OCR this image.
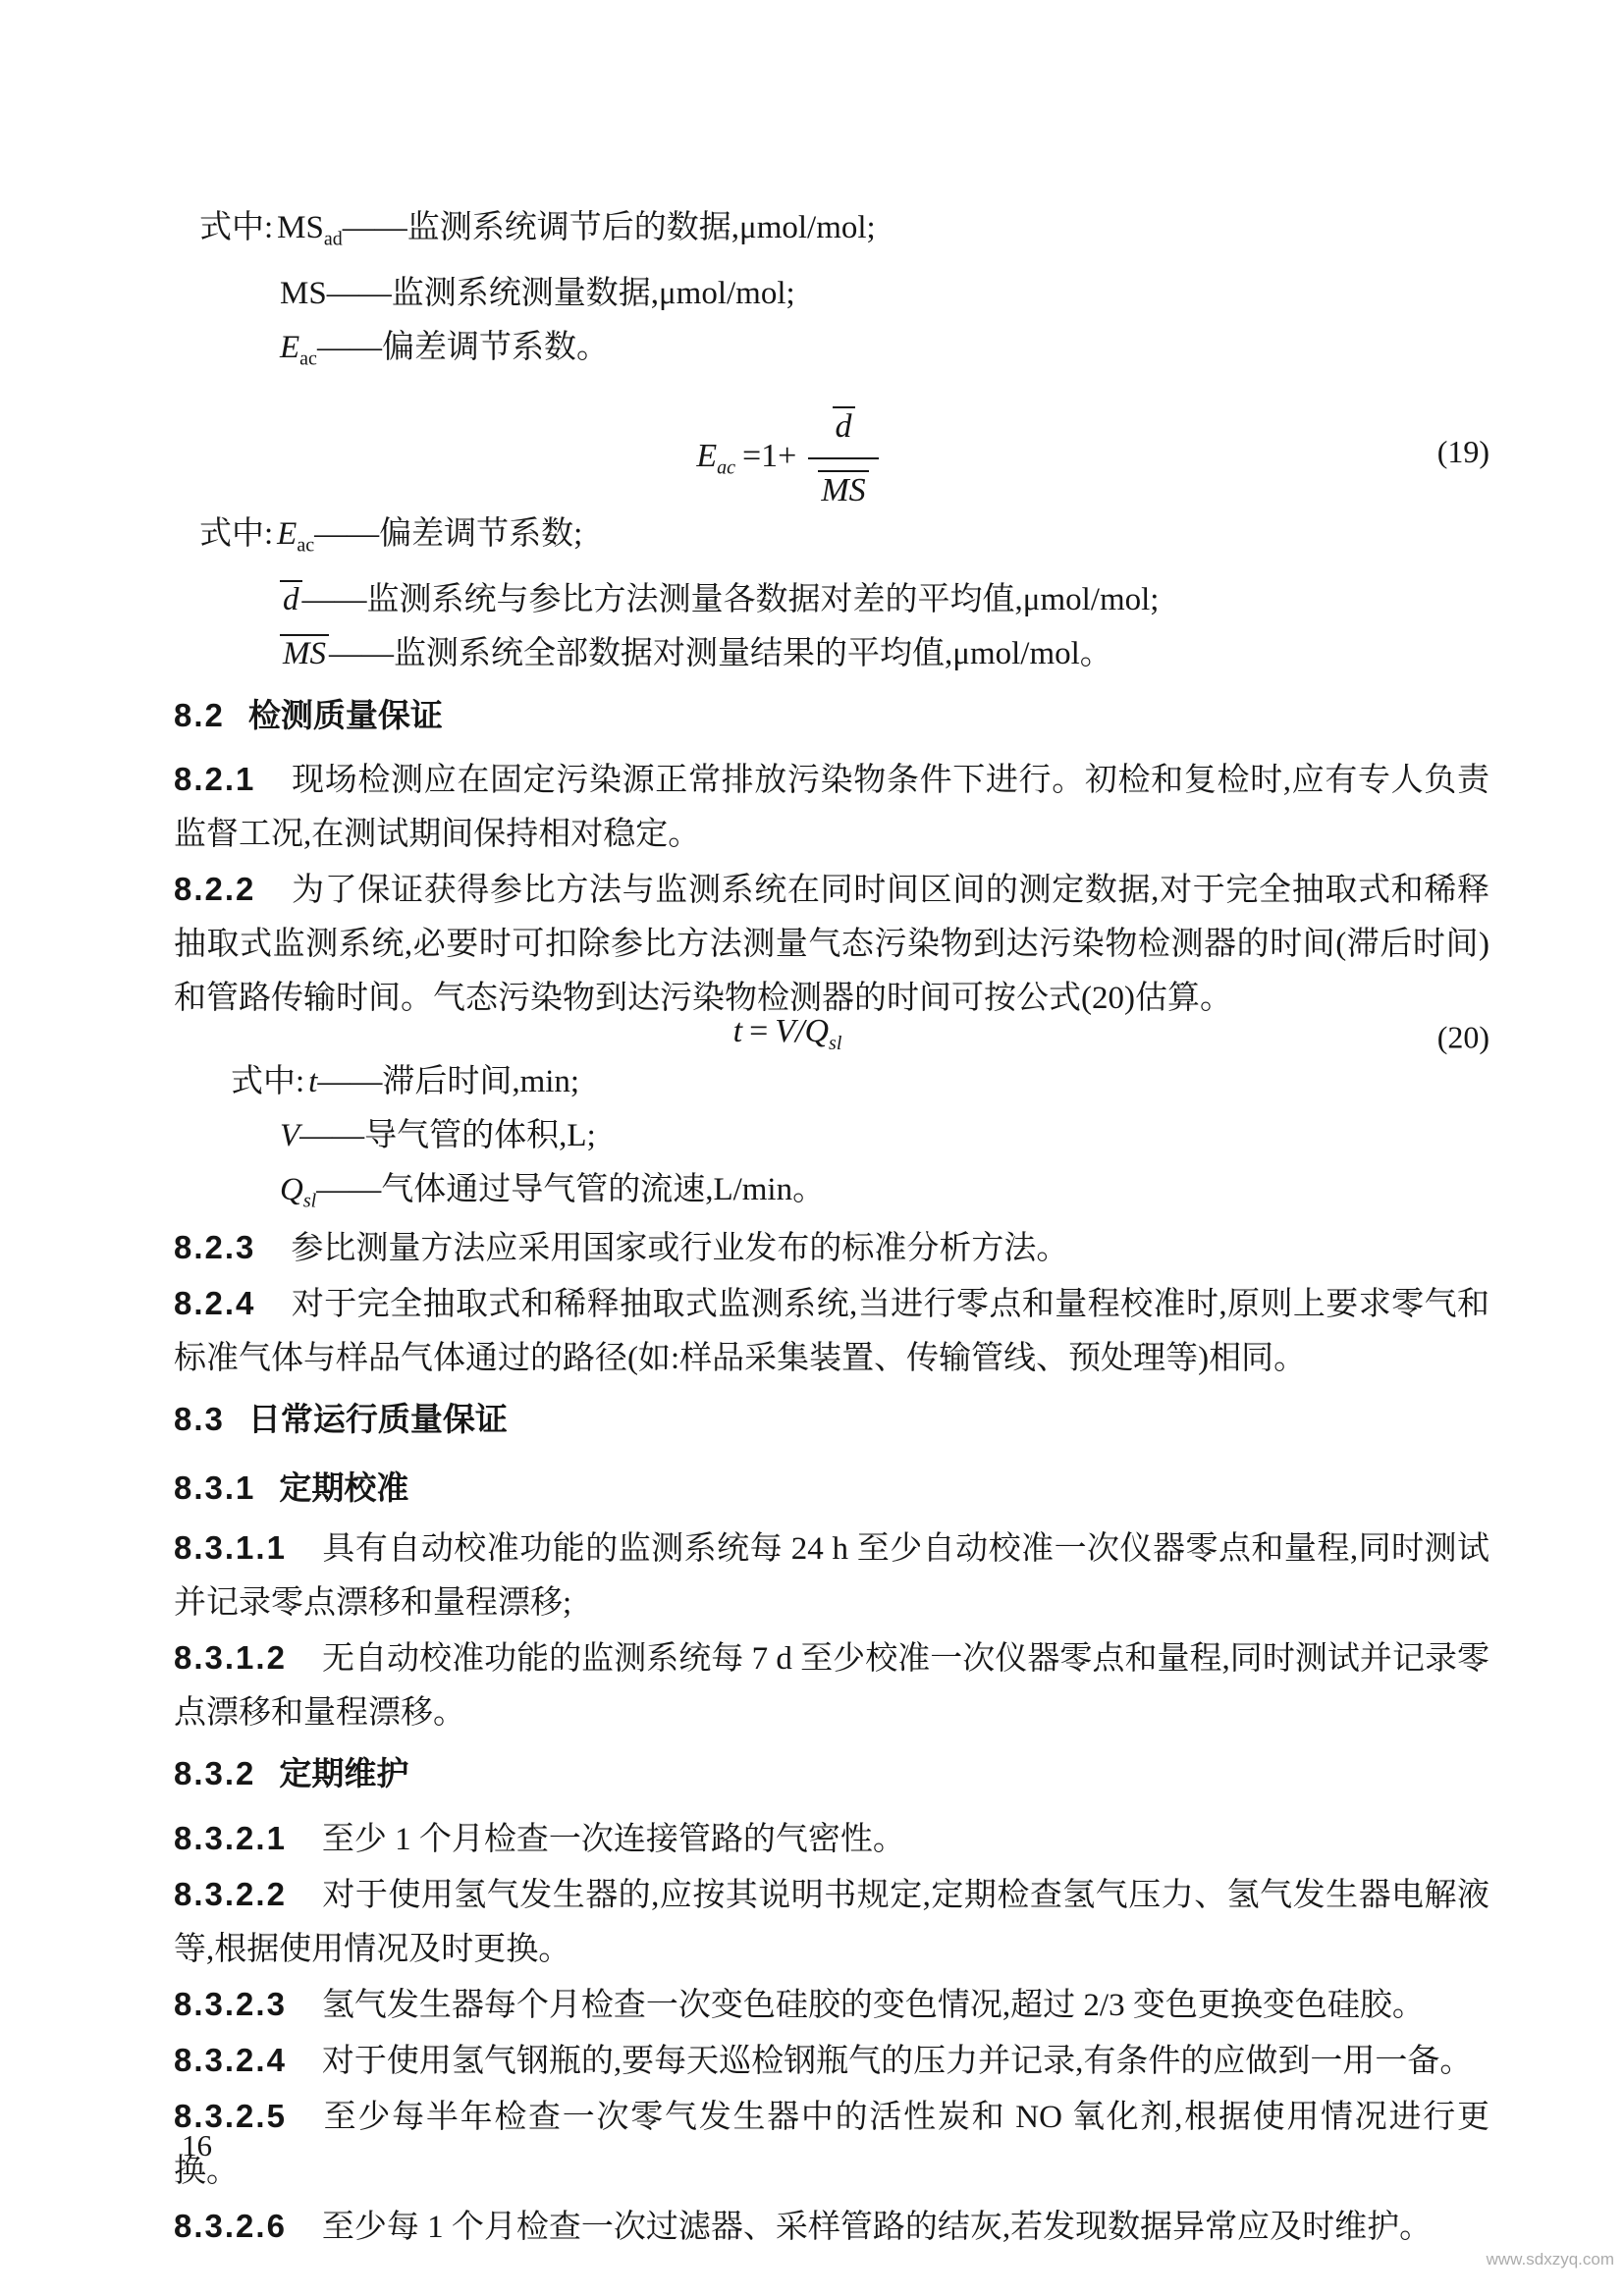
式中: $MS_{ad}——$监测系统调节后的数据,μmol/mol;
MS——监测系统测量数据,μmol/mol;
$E_{ac}——$偏差调节系数。
$E_{ac} =1+ \frac{d}{MS}$	(19)
式中: $E_{ac}——$偏差调节系数;
d——监测系统与参比方法测量各数据对差的平均值,μmol/mol;
MS——监测系统全部数据对测量结果的平均值,μmol/mol。
8.2 检测质量保证

8.2.1 现场检测应在固定污染源正常排放污染物条件下进行。初检和复检时,应有专人负责监督工况,在测试期间保持相对稳定。

8.2.2 为了保证获得参比方法与监测系统在同时间区间的测定数据,对于完全抽取式和稀释抽取式监测系统,必要时可扣除参比方法测量气态污染物到达污染物检测器的时间(滞后时间)和管路传输时间。气态污染物到达污染物检测器的时间可按公式(20)估算。

$t = V/Q_{sl}$	(20)
式中: t——滞后时间,min;
V——导气管的体积,L;
$Q_{sl}——$气体通过导气管的流速,L/min。

8.2.3 参比测量方法应采用国家或行业发布的标准分析方法。

8.2.4 对于完全抽取式和稀释抽取式监测系统,当进行零点和量程校准时,原则上要求零气和标准气体与样品气体通过的路径(如:样品采集装置、传输管线、预处理等)相同。

8.3 日常运行质量保证
8.3.1 定期校准

8.3.1.1 具有自动校准功能的监测系统每 24 h 至少自动校准一次仪器零点和量程,同时测试并记录零点漂移和量程漂移;

8.3.1.2 无自动校准功能的监测系统每 7 d 至少校准一次仪器零点和量程,同时测试并记录零点漂移和量程漂移。

8.3.2 定期维护

8.3.2.1 至少 1 个月检查一次连接管路的气密性。

8.3.2.2 对于使用氢气发生器的,应按其说明书规定,定期检查氢气压力、氢气发生器电解液等,根据使用情况及时更换。

8.3.2.3 氢气发生器每个月检查一次变色硅胶的变色情况,超过 2/3 变色更换变色硅胶。

8.3.2.4 对于使用氢气钢瓶的,要每天巡检钢瓶气的压力并记录,有条件的应做到一用一备。

8.3.2.5 至少每半年检查一次零气发生器中的活性炭和 NO 氧化剂,根据使用情况进行更换。

8.3.2.6 至少每 1 个月检查一次过滤器、采样管路的结灰,若发现数据异常应及时维护。

16
www.sdxzyq.com
